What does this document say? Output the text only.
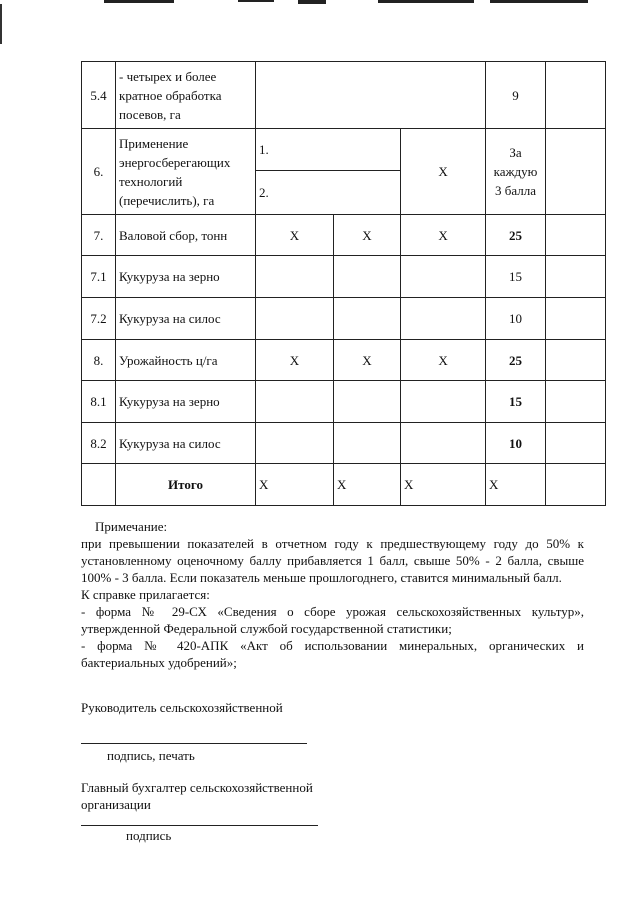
5.4	- четырех и более кратное обработка посевов, га				9	
6.	Применение энергосберегающих технологий (перечислить), га	1.		X	За каждую 3 балла	
		2.				
7.	Валовой сбор, тонн	X	X	X	25	
7.1	Кукуруза на зерно				15	
7.2	Кукуруза на силос				10	
8.	Урожайность ц/га	X	X	X	25	
8.1	Кукуруза на зерно				15	
8.2	Кукуруза на силос				10	
	Итого	X	X	X	X	

Примечание:

при превышении показателей в отчетном году к предшествующему году до 50% к установленному оценочному баллу прибавляется 1 балл, свыше 50% - 2 балла, свыше 100% - 3 балла. Если показатель меньше прошлогоднего, ставится минимальный балл.

К справке прилагается:

- форма № 29-СХ «Сведения о сборе урожая сельскохозяйственных культур», утвержденной Федеральной службой государственной статистики;

- форма № 420-АПК «Акт об использовании минеральных, органических и бактериальных удобрений»;

Руководитель сельскохозяйственной
подпись, печать
Главный бухгалтер сельскохозяйственной
организации
подпись
